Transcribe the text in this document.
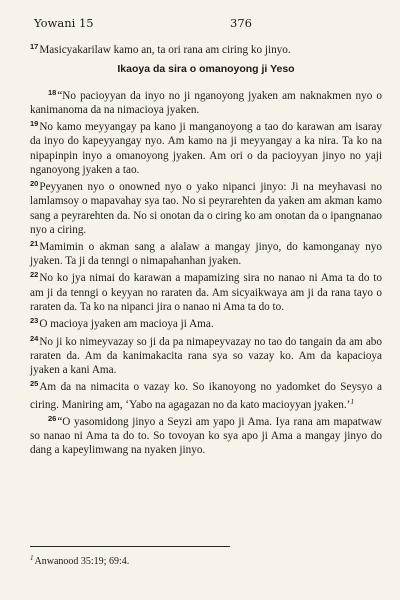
Yowani 15	376

$^{17}$Masicyakarilaw kamo an, ta ori rana am ciring ko jinyo.

Ikaoya da sira o omanoyong ji Yeso

$^{18}$“No pacioyyan da inyo no ji nganoyong jyaken am naknakmen nyo o kanimanoma da na nimacioya jyaken.

$^{19}$No kamo meyyangay pa kano ji manganoyong a tao do karawan am isaray da inyo do kapeyyangay nyo. Am kamo na ji meyyangay a ka nira. Ta ko na nipapinpin inyo a omanoyong jyaken. Am ori o da pacioyyan jinyo no yaji nganoyong jyaken a tao.

$^{20}$Peyyanen nyo o onowned nyo o yako nipanci jinyo: Ji na meyhavasi no lamlamsoy o mapavahay sya tao. No si peyrarehten da yaken am akman kamo sang a peyrarehten da. No si onotan da o ciring ko am onotan da o ipangnanao nyo a ciring.

$^{21}$Mamimin o akman sang a alalaw a mangay jinyo, do kamonganay nyo jyaken. Ta ji da tenngi o nimapahanhan jyaken.

$^{22}$No ko jya nimai do karawan a mapamizing sira no nanao ni Ama ta do to am ji da tenngi o keyyan no raraten da. Am sicyaikwaya am ji da rana tayo o raraten da. Ta ko na nipanci jira o nanao ni Ama ta do to.

$^{23}$O macioya jyaken am macioya ji Ama.

$^{24}$No ji ko nimeyvazay so ji da pa nimapeyvazay no tao do tangain da am abo raraten da. Am da kanimakacita rana sya so vazay ko. Am da kapacioya jyaken a kani Ama.

$^{25}$Am da na nimacita o vazay ko. So ikanoyong no yadomket do Seysyo a ciring. Maniring am, ‘Yabo na agagazan no da kato macioyyan jyaken.’$^1$

$^{26}$“O yasomidong jinyo a Seyzi am yapo ji Ama. Iya rana am mapatwaw so nanao ni Ama ta do to. So tovoyan ko sya apo ji Ama a mangay jinyo do dang a kapeylimwang na nyaken jinyo.

$^1$Anwanood 35:19; 69:4.
